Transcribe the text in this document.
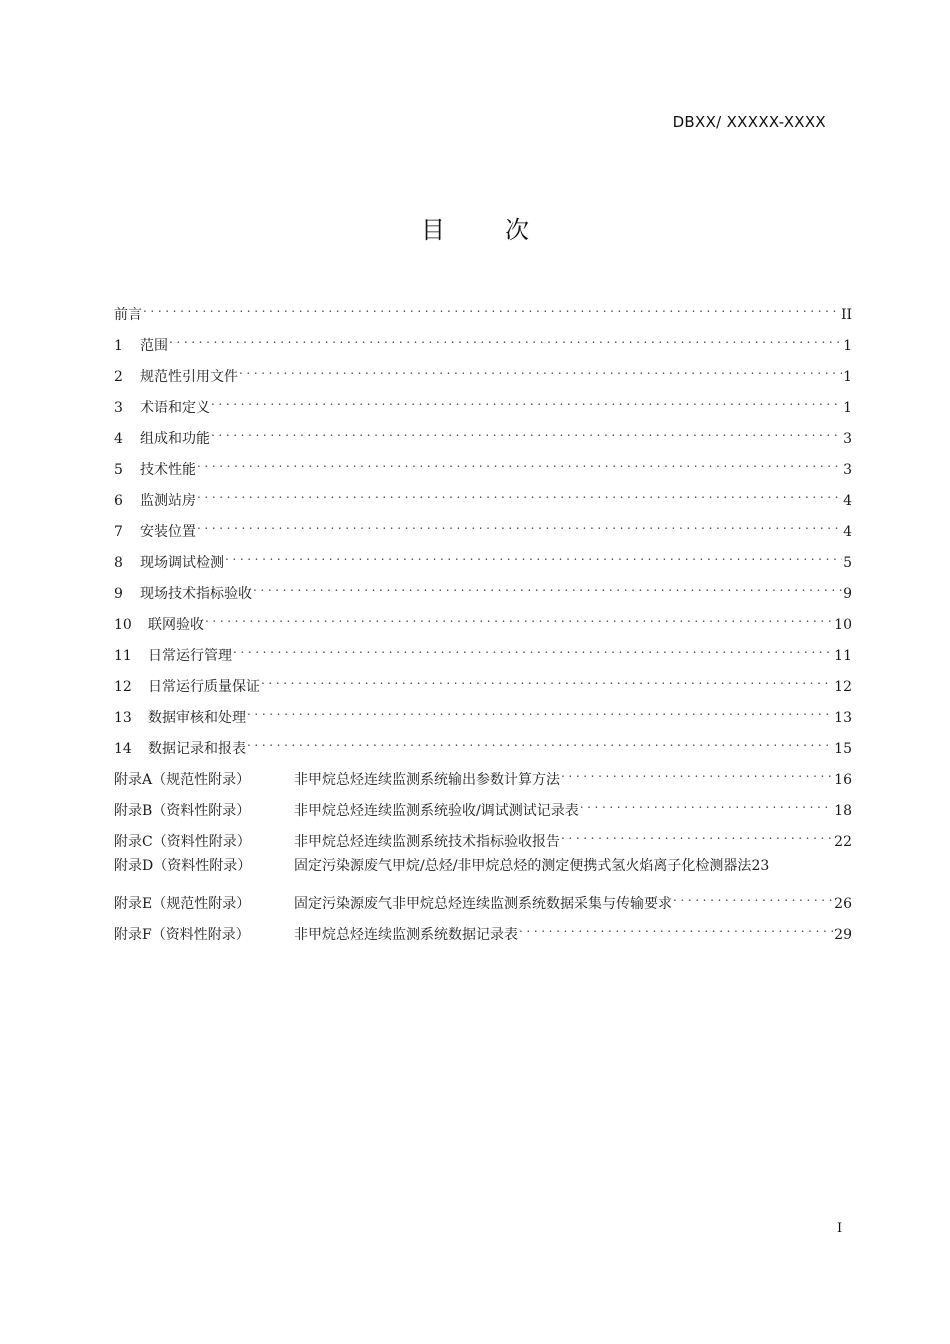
DBXX/ XXXXX-XXXX
目	次
前言 .....	II
1	范围 .....	1
2	规范性引用文件 .....	1
3	术语和定义 .....	1
4	组成和功能 .....	3
5	技术性能 .....	3
6	监测站房 .....	4
7	安装位置 .....	4
8	现场调试检测 .....	5
9	现场技术指标验收 .....	9
10	联网验收 .....	10
11	日常运行管理 .....	11
12	日常运行质量保证 .....	12
13	数据审核和处理 .....	13
14	数据记录和报表 .....	15
附录A（规范性附录）	非甲烷总烃连续监测系统输出参数计算方法 .....	16
附录B（资料性附录）	非甲烷总烃连续监测系统验收/调试测试记录表 .....	18
附录C（资料性附录）	非甲烷总烃连续监测系统技术指标验收报告 .....	22
附录D（资料性附录）	固定污染源废气甲烷/总烃/非甲烷总烃的测定便携式氢火焰离子化检测器法 23
附录E（规范性附录）	固定污染源废气非甲烷总烃连续监测系统数据采集与传输要求 .....	26
附录F（资料性附录）	非甲烷总烃连续监测系统数据记录表 .....	29
I
